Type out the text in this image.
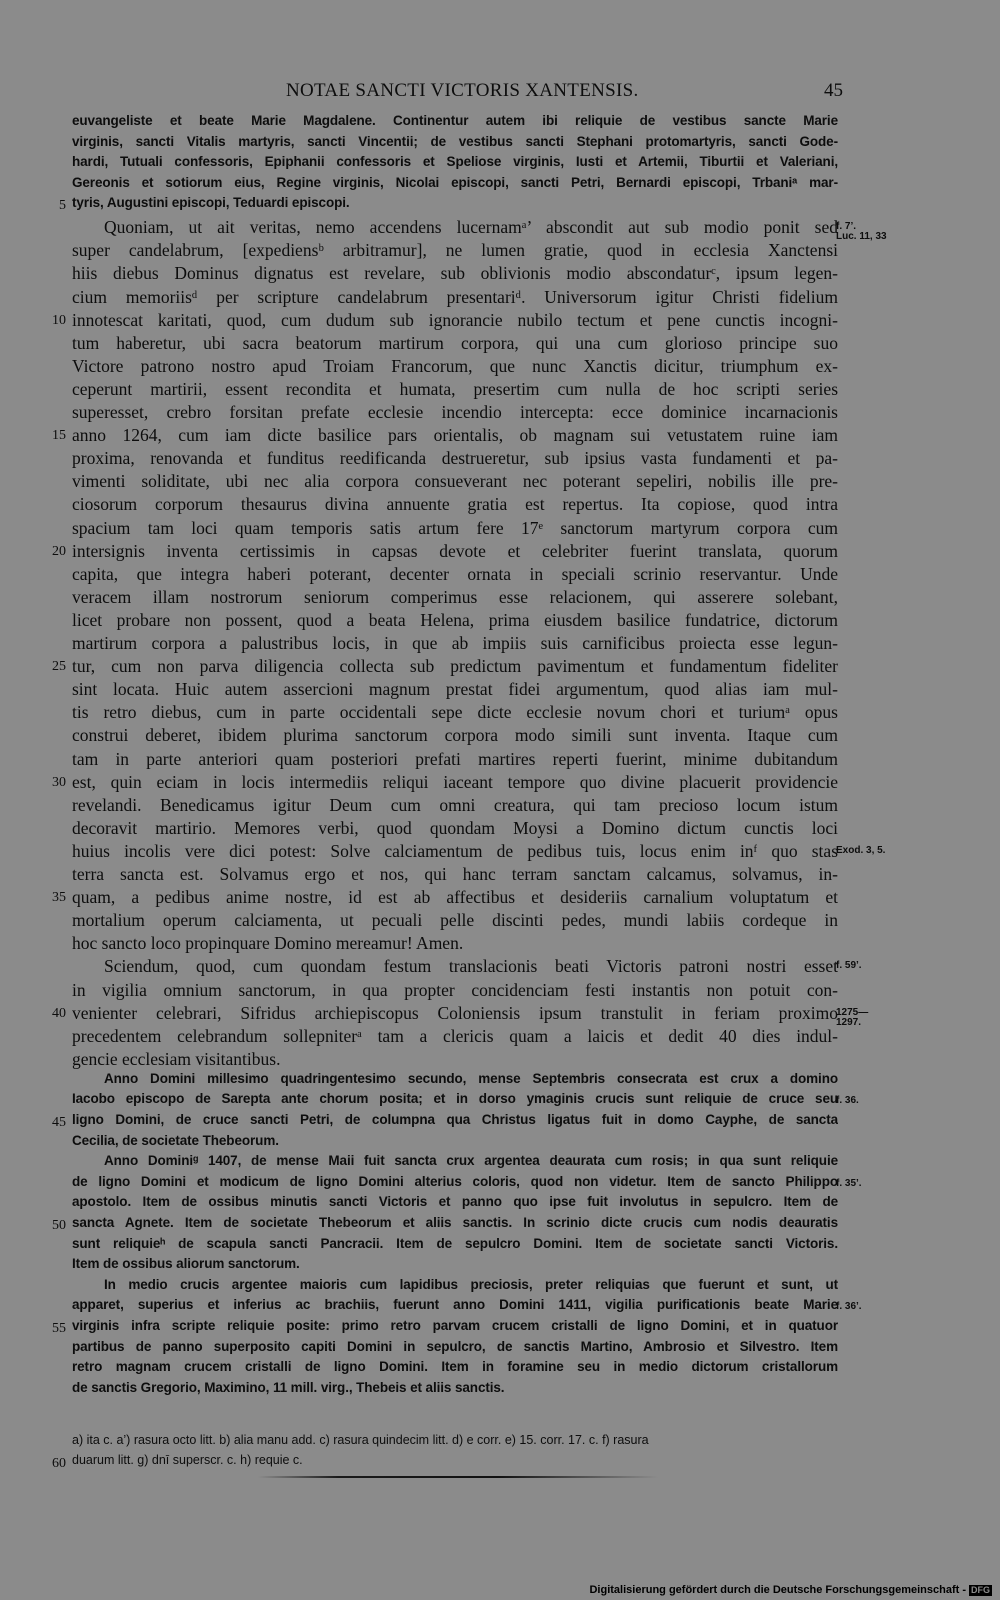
NOTAE SANCTI VICTORIS XANTENSIS.	45
euvangeliste et beate Marie Magdalene. Continentur autem ibi reliquie de vestibus sancte Marie
virginis, sancti Vitalis martyris, sancti Vincentii; de vestibus sancti Stephani protomartyris, sancti Gode-
hardi, Tutuali confessoris, Epiphanii confessoris et Speliose virginis, Iusti et Artemii, Tiburtii et Valeriani,
Gereonis et sotiorum eius, Regine virginis, Nicolai episcopi, sancti Petri, Bernardi episcopi, Trbaniᵃ mar-
5 tyris, Augustini episcopi, Teduardi episcopi.
Quoniam, ut ait veritas, nemo accendens lucernamᵃ’ abscondit aut sub modio ponit sed
super candelabrum, [expediensᵇ arbitramur], ne lumen gratie, quod in ecclesia Xanctensi
hiis diebus Dominus dignatus est revelare, sub oblivionis modio abscondaturᶜ, ipsum legen-
cium memoriisᵈ per scripture candelabrum presentariᵈ. Universorum igitur Christi fidelium
10 innotescat karitati, quod, cum dudum sub ignorancie nubilo tectum et pene cunctis incogni-
tum haberetur, ubi sacra beatorum martirum corpora, qui una cum glorioso principe suo
Victore patrono nostro apud Troiam Francorum, que nunc Xanctis dicitur, triumphum ex-
ceperunt martirii, essent recondita et humata, presertim cum nulla de hoc scripti series
superesset, crebro forsitan prefate ecclesie incendio intercepta: ecce dominice incarnacionis
15 anno 1264, cum iam dicte basilice pars orientalis, ob magnam sui vetustatem ruine iam
proxima, renovanda et funditus reedificanda destrueretur, sub ipsius vasta fundamenti et pa-
vimenti soliditate, ubi nec alia corpora consueverant nec poterant sepeliri, nobilis ille pre-
ciosorum corporum thesaurus divina annuente gratia est repertus. Ita copiose, quod intra
spacium tam loci quam temporis satis artum fere 17ᵉ sanctorum martyrum corpora cum
20 intersignis inventa certissimis in capsas devote et celebriter fuerint translata, quorum
capita, que integra haberi poterant, decenter ornata in speciali scrinio reservantur. Unde
veracem illam nostrorum seniorum comperimus esse relacionem, qui asserere solebant,
licet probare non possent, quod a beata Helena, prima eiusdem basilice fundatrice, dictorum
martirum corpora a palustribus locis, in que ab impiis suis carnificibus proiecta esse legun-
25 tur, cum non parva diligencia collecta sub predictum pavimentum et fundamentum fideliter
sint locata. Huic autem assercioni magnum prestat fidei argumentum, quod alias iam mul-
tis retro diebus, cum in parte occidentali sepe dicte ecclesie novum chori et turiumᵃ opus
construi deberet, ibidem plurima sanctorum corpora modo simili sunt inventa. Itaque cum
tam in parte anteriori quam posteriori prefati martires reperti fuerint, minime dubitandum
30 est, quin eciam in locis intermediis reliqui iaceant tempore quo divine placuerit providencie
revelandi. Benedicamus igitur Deum cum omni creatura, qui tam precioso locum istum
decoravit martirio. Memores verbi, quod quondam Moysi a Domino dictum cunctis loci
huius incolis vere dici potest: Solve calciamentum de pedibus tuis, locus enim inᶠ quo stas
terra sancta est. Solvamus ergo et nos, qui hanc terram sanctam calcamus, solvamus, in-
35 quam, a pedibus anime nostre, id est ab affectibus et desideriis carnalium voluptatum et
mortalium operum calciamenta, ut pecuali pelle discinti pedes, mundi labiis cordeque in
hoc sancto loco propinquare Domino mereamur! Amen.
Sciendum, quod, cum quondam festum translacionis beati Victoris patroni nostri esset
in vigilia omnium sanctorum, in qua propter concidenciam festi instantis non potuit con-
40 venienter celebrari, Sifridus archiepiscopus Coloniensis ipsum transtulit in feriam proximo
precedentem celebrandum sollepniterᵃ tam a clericis quam a laicis et dedit 40 dies indul-
gencie ecclesiam visitantibus.
Anno Domini millesimo quadringentesimo secundo, mense Septembris consecrata est crux a domino
Iacobo episcopo de Sarepta ante chorum posita; et in dorso ymaginis crucis sunt reliquie de cruce seu
45 ligno Domini, de cruce sancti Petri, de columpna qua Christus ligatus fuit in domo Cayphe, de sancta
Cecilia, de societate Thebeorum.
Anno Dominiᵍ 1407, de mense Maii fuit sancta crux argentea deaurata cum rosis; in qua sunt reliquie
de ligno Domini et modicum de ligno Domini alterius coloris, quod non videtur. Item de sancto Philippo
apostolo. Item de ossibus minutis sancti Victoris et panno quo ipse fuit involutus in sepulcro. Item de
50 sancta Agnete. Item de societate Thebeorum et aliis sanctis. In scrinio dicte crucis cum nodis deauratis
sunt reliquieʰ de scapula sancti Pancracii. Item de sepulcro Domini. Item de societate sancti Victoris.
Item de ossibus aliorum sanctorum.
In medio crucis argentee maioris cum lapidibus preciosis, preter reliquias que fuerunt et sunt, ut
apparet, superius et inferius ac brachiis, fuerunt anno Domini 1411, vigilia purificationis beate Marie
55 virginis infra scripte reliquie posite: primo retro parvam crucem cristalli de ligno Domini, et in quatuor
partibus de panno superposito capiti Domini in sepulcro, de sanctis Martino, Ambrosio et Silvestro. Item
retro magnam crucem cristalli de ligno Domini. Item in foramine seu in medio dictorum cristallorum
de sanctis Gregorio, Maximino, 11 mill. virg., Thebeis et aliis sanctis.
f. 7’.
Luc. 11, 33
Exod. 3, 5.
f. 59’.
1275—
1297.
f. 36.
f. 35’.
f. 36’.
a) ita c. a’) rasura octo litt. b) alia manu add. c) rasura quindecim litt. d) e corr. e) 15. corr. 17. c. f) rasura
60 duarum litt. g) dnī superscr. c. h) requie c.
Digitalisierung gefördert durch die Deutsche Forschungsgemeinschaft - DFG
